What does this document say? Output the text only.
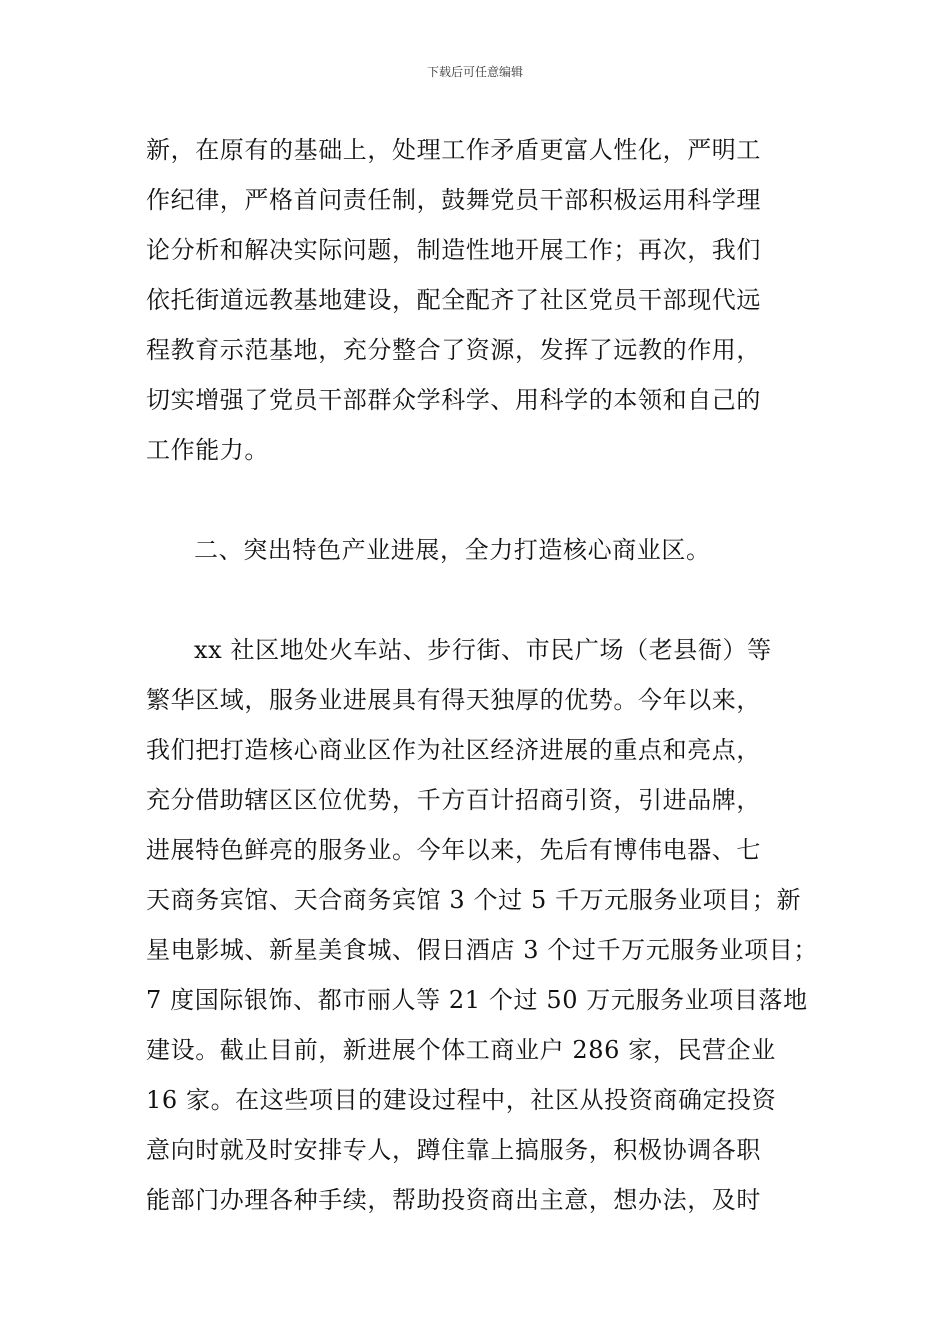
下载后可任意编辑
新，在原有的基础上，处理工作矛盾更富人性化，严明工
作纪律，严格首问责任制，鼓舞党员干部积极运用科学理
论分析和解决实际问题，制造性地开展工作；再次，我们
依托街道远教基地建设，配全配齐了社区党员干部现代远
程教育示范基地，充分整合了资源，发挥了远教的作用，
切实增强了党员干部群众学科学、用科学的本领和自己的
工作能力。
二、突出特色产业进展，全力打造核心商业区。
xx 社区地处火车站、步行街、市民广场（老县衙）等
繁华区域，服务业进展具有得天独厚的优势。今年以来，
我们把打造核心商业区作为社区经济进展的重点和亮点，
充分借助辖区区位优势，千方百计招商引资，引进品牌，
进展特色鲜亮的服务业。今年以来，先后有博伟电器、七
天商务宾馆、天合商务宾馆 3 个过 5 千万元服务业项目；新
星电影城、新星美食城、假日酒店 3 个过千万元服务业项目；
7 度国际银饰、都市丽人等 21 个过 50 万元服务业项目落地
建设。截止目前，新进展个体工商业户 286 家，民营企业
16 家。在这些项目的建设过程中，社区从投资商确定投资
意向时就及时安排专人，蹲住靠上搞服务，积极协调各职
能部门办理各种手续，帮助投资商出主意，想办法，及时
